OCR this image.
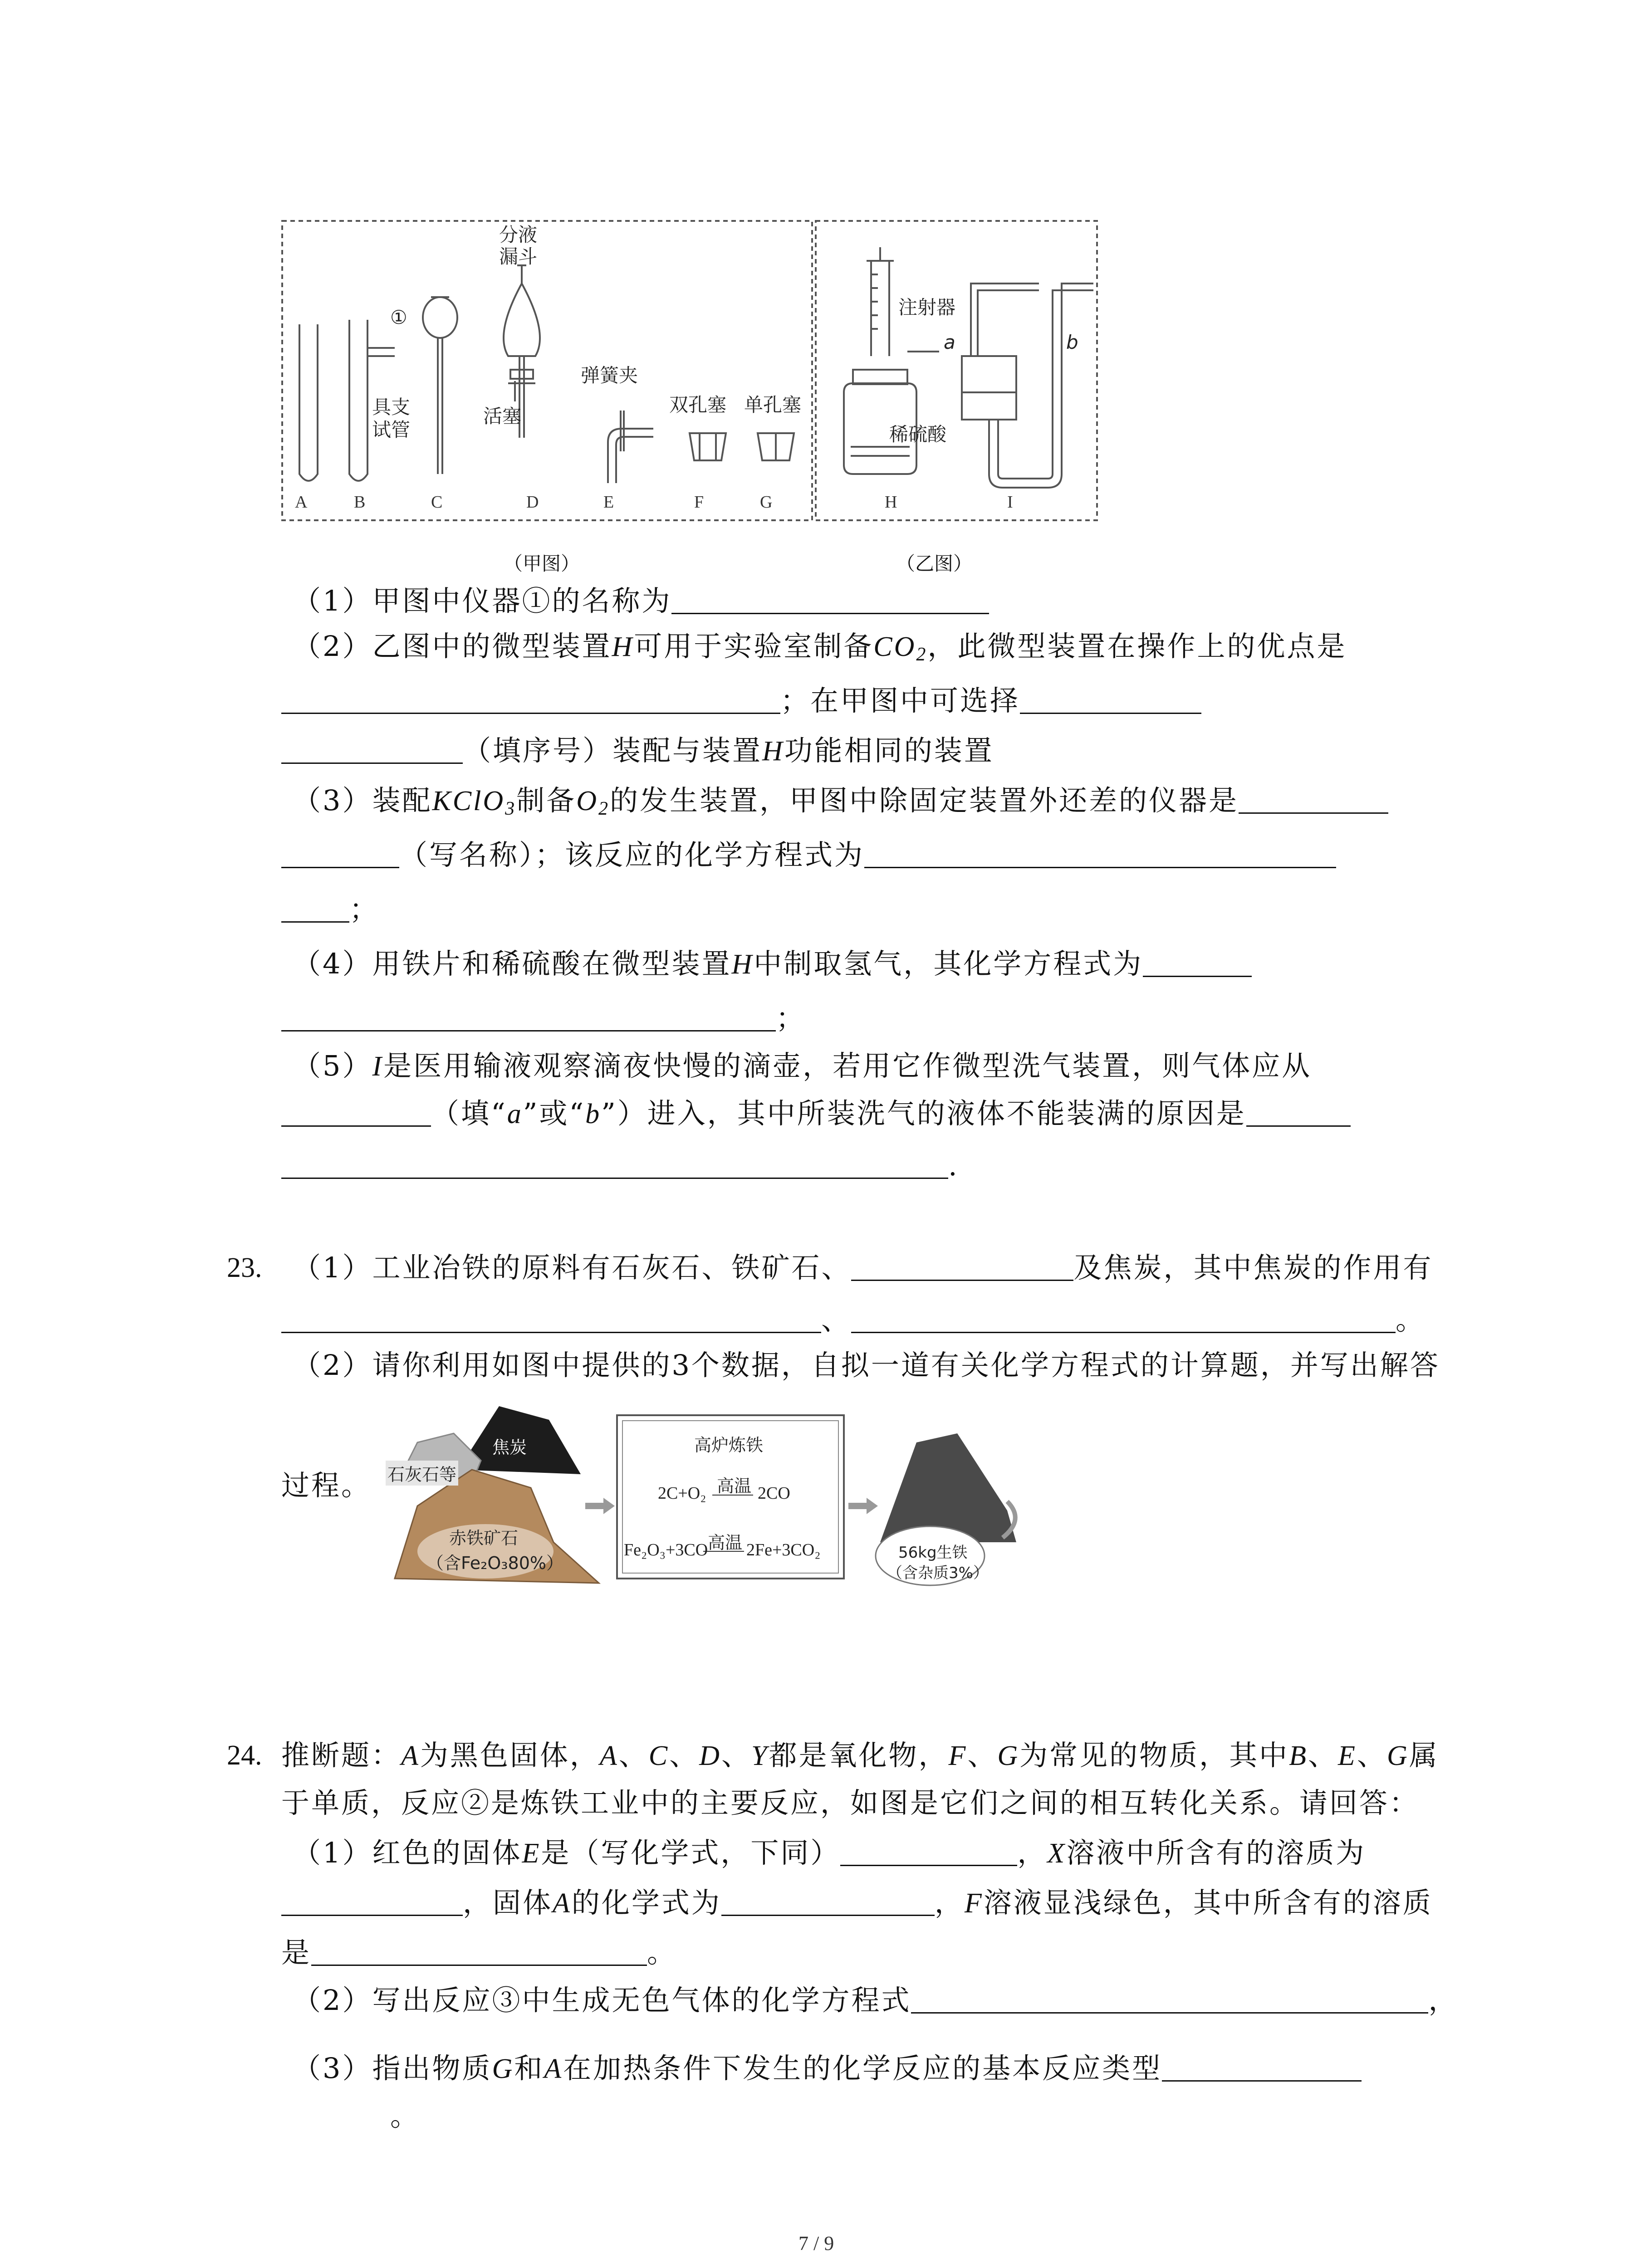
分液
漏斗
①
具支
试管
活塞
弹簧夹
双孔塞 单孔塞
注射器
稀硫酸
a	b
A	B	C	D	E	F	G	H	I
（甲图）	（乙图）
（1）甲图中仪器①的名称为
（2）乙图中的微型装置H可用于实验室制备$CO_2$，此微型装置在操作上的优点是
；在甲图中可选择
（填序号）装配与装置H功能相同的装置
（3）装配KClO$_3$制备$O_2$的发生装置，甲图中除固定装置外还差的仪器是
（写名称）；该反应的化学方程式为
；
（4）用铁片和稀硫酸在微型装置H中制取氢气，其化学方程式为
；
（5）I是医用输液观察滴夜快慢的滴壶，若用它作微型洗气装置，则气体应从
（填“a”或“b”）进入，其中所装洗气的液体不能装满的原因是
.
23. （1）工业冶铁的原料有石灰石、铁矿石、	及焦炭，其中焦炭的作用有
、	。
（2）请你利用如图中提供的3个数据，自拟一道有关化学方程式的计算题，并写出解答
过程。
焦炭
石灰石等
赤铁矿石
（含Fe₂O₃80%）
高炉炼铁
2C+O₂ 高温 2CO
Fe₂O₃+3CO 高温 2Fe+3CO₂	56kg生铁
（含杂质3%）
24. 推断题：A为黑色固体，A、C、D、Y都是氧化物，F、G为常见的物质，其中B、E、G属
于单质，反应②是炼铁工业中的主要反应，如图是它们之间的相互转化关系。请回答：
（1）红色的固体E是（写化学式，下同）	，X溶液中所含有的溶质为
，固体A的化学式为	，F溶液显浅绿色，其中所含有的溶质
是	。
（2）写出反应③中生成无色气体的化学方程式	，
（3）指出物质G和A在加热条件下发生的化学反应的基本反应类型
。
7 / 9
